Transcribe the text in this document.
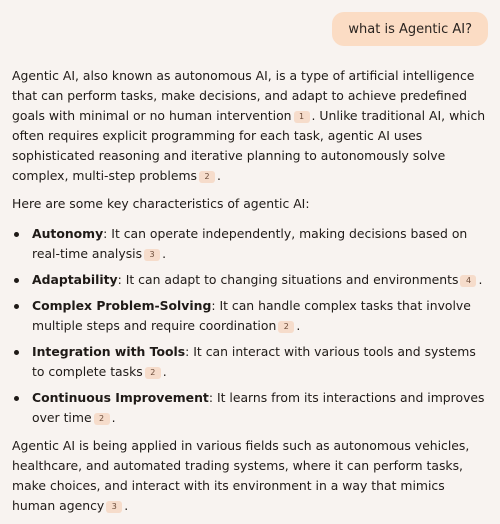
what is Agentic AI?

Agentic AI, also known as autonomous AI, is a type of artificial intelligence that can perform tasks, make decisions, and adapt to achieve predefined goals with minimal or no human intervention 1 . Unlike traditional AI, which often requires explicit programming for each task, agentic AI uses sophisticated reasoning and iterative planning to autonomously solve complex, multi-step problems 2 .

Here are some key characteristics of agentic AI:

Autonomy: It can operate independently, making decisions based on real-time analysis 3 .
Adaptability: It can adapt to changing situations and environments 4 .
Complex Problem-Solving: It can handle complex tasks that involve multiple steps and require coordination 2 .
Integration with Tools: It can interact with various tools and systems to complete tasks 2 .
Continuous Improvement: It learns from its interactions and improves over time 2 .

Agentic AI is being applied in various fields such as autonomous vehicles, healthcare, and automated trading systems, where it can perform tasks, make choices, and interact with its environment in a way that mimics human agency 3 .
